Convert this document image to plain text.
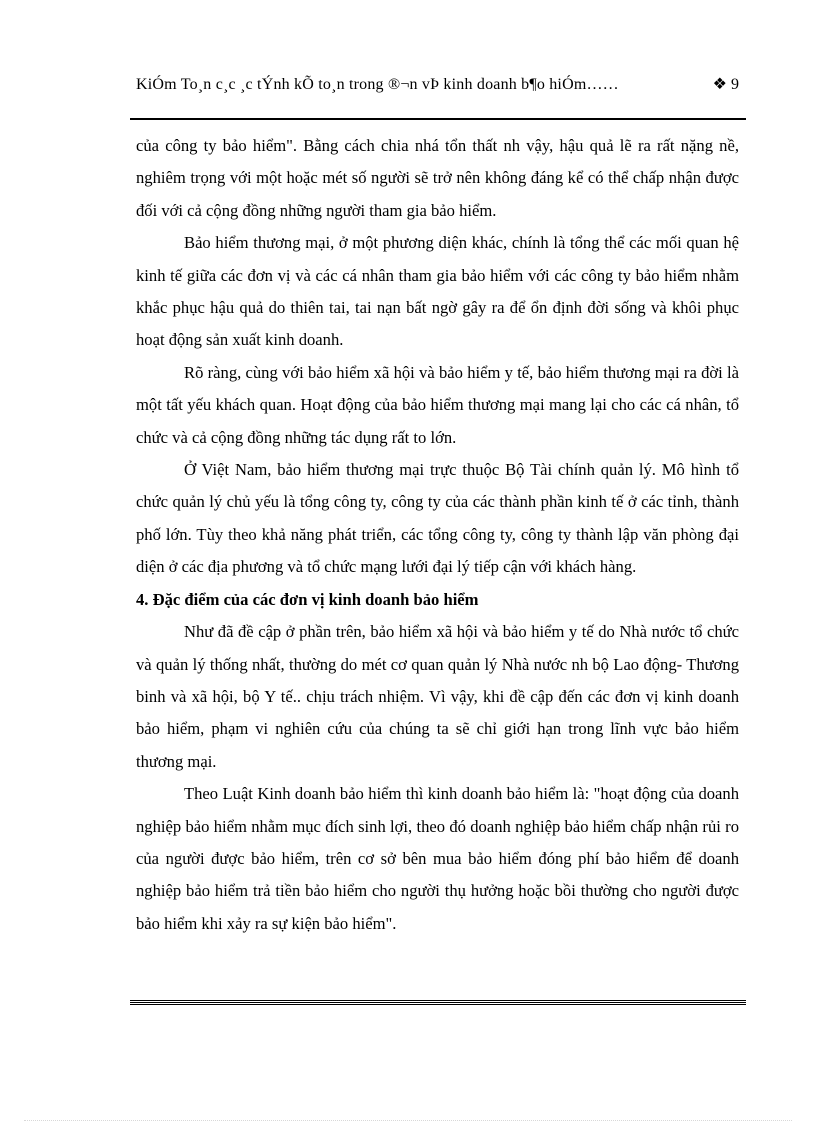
KiÓm To¸n c¸c ¸c tÝnh kÕ to¸n trong ®¬n vÞ kinh doanh b¶o hiÓm……	❖ 9

của công ty bảo hiểm". Bằng cách chia nhá tổn thất nh vậy, hậu quả lẽ ra rất nặng nề, nghiêm trọng với một hoặc mét số người sẽ trở nên không đáng kể có thể chấp nhận được đối với cả cộng đồng những người tham gia bảo hiểm.

Bảo hiểm thương mại, ở một phương diện khác, chính là tổng thể các mối quan hệ kinh tế giữa các đơn vị và các cá nhân tham gia bảo hiểm với các công ty bảo hiểm nhằm khắc phục hậu quả do thiên tai, tai nạn bất ngờ gây ra để ổn định đời sống và khôi phục hoạt động sản xuất kinh doanh.

Rõ ràng, cùng với bảo hiểm xã hội và bảo hiểm y tế, bảo hiểm thương mại ra đời là một tất yếu khách quan. Hoạt động của bảo hiểm thương mại mang lại cho các cá nhân, tổ chức và cả cộng đồng những tác dụng rất to lớn.

Ở Việt Nam, bảo hiểm thương mại trực thuộc Bộ Tài chính quản lý. Mô hình tổ chức quản lý chủ yếu là tổng công ty, công ty của các thành phần kinh tế ở các tỉnh, thành phố lớn. Tùy theo khả năng phát triển, các tổng công ty, công ty thành lập văn phòng đại diện ở các địa phương và tổ chức mạng lưới đại lý tiếp cận với khách hàng.

4. Đặc điểm của các đơn vị kinh doanh bảo hiểm

Như đã đề cập ở phần trên, bảo hiểm xã hội và bảo hiểm y tế do Nhà nước tổ chức và quản lý thống nhất, thường do mét cơ quan quản lý Nhà nước nh bộ Lao động- Thương binh và xã hội, bộ Y tế.. chịu trách nhiệm. Vì vậy, khi đề cập đến các đơn vị kinh doanh bảo hiểm, phạm vi nghiên cứu của chúng ta sẽ chỉ giới hạn trong lĩnh vực bảo hiểm thương mại.

Theo Luật Kinh doanh bảo hiểm thì kinh doanh bảo hiểm là: "hoạt động của doanh nghiệp bảo hiểm nhằm mục đích sinh lợi, theo đó doanh nghiệp bảo hiểm chấp nhận rủi ro của người được bảo hiểm, trên cơ sở bên mua bảo hiểm đóng phí bảo hiểm để doanh nghiệp bảo hiểm trả tiền bảo hiểm cho người thụ hưởng hoặc bồi thường cho người được bảo hiểm khi xảy ra sự kiện bảo hiểm".
